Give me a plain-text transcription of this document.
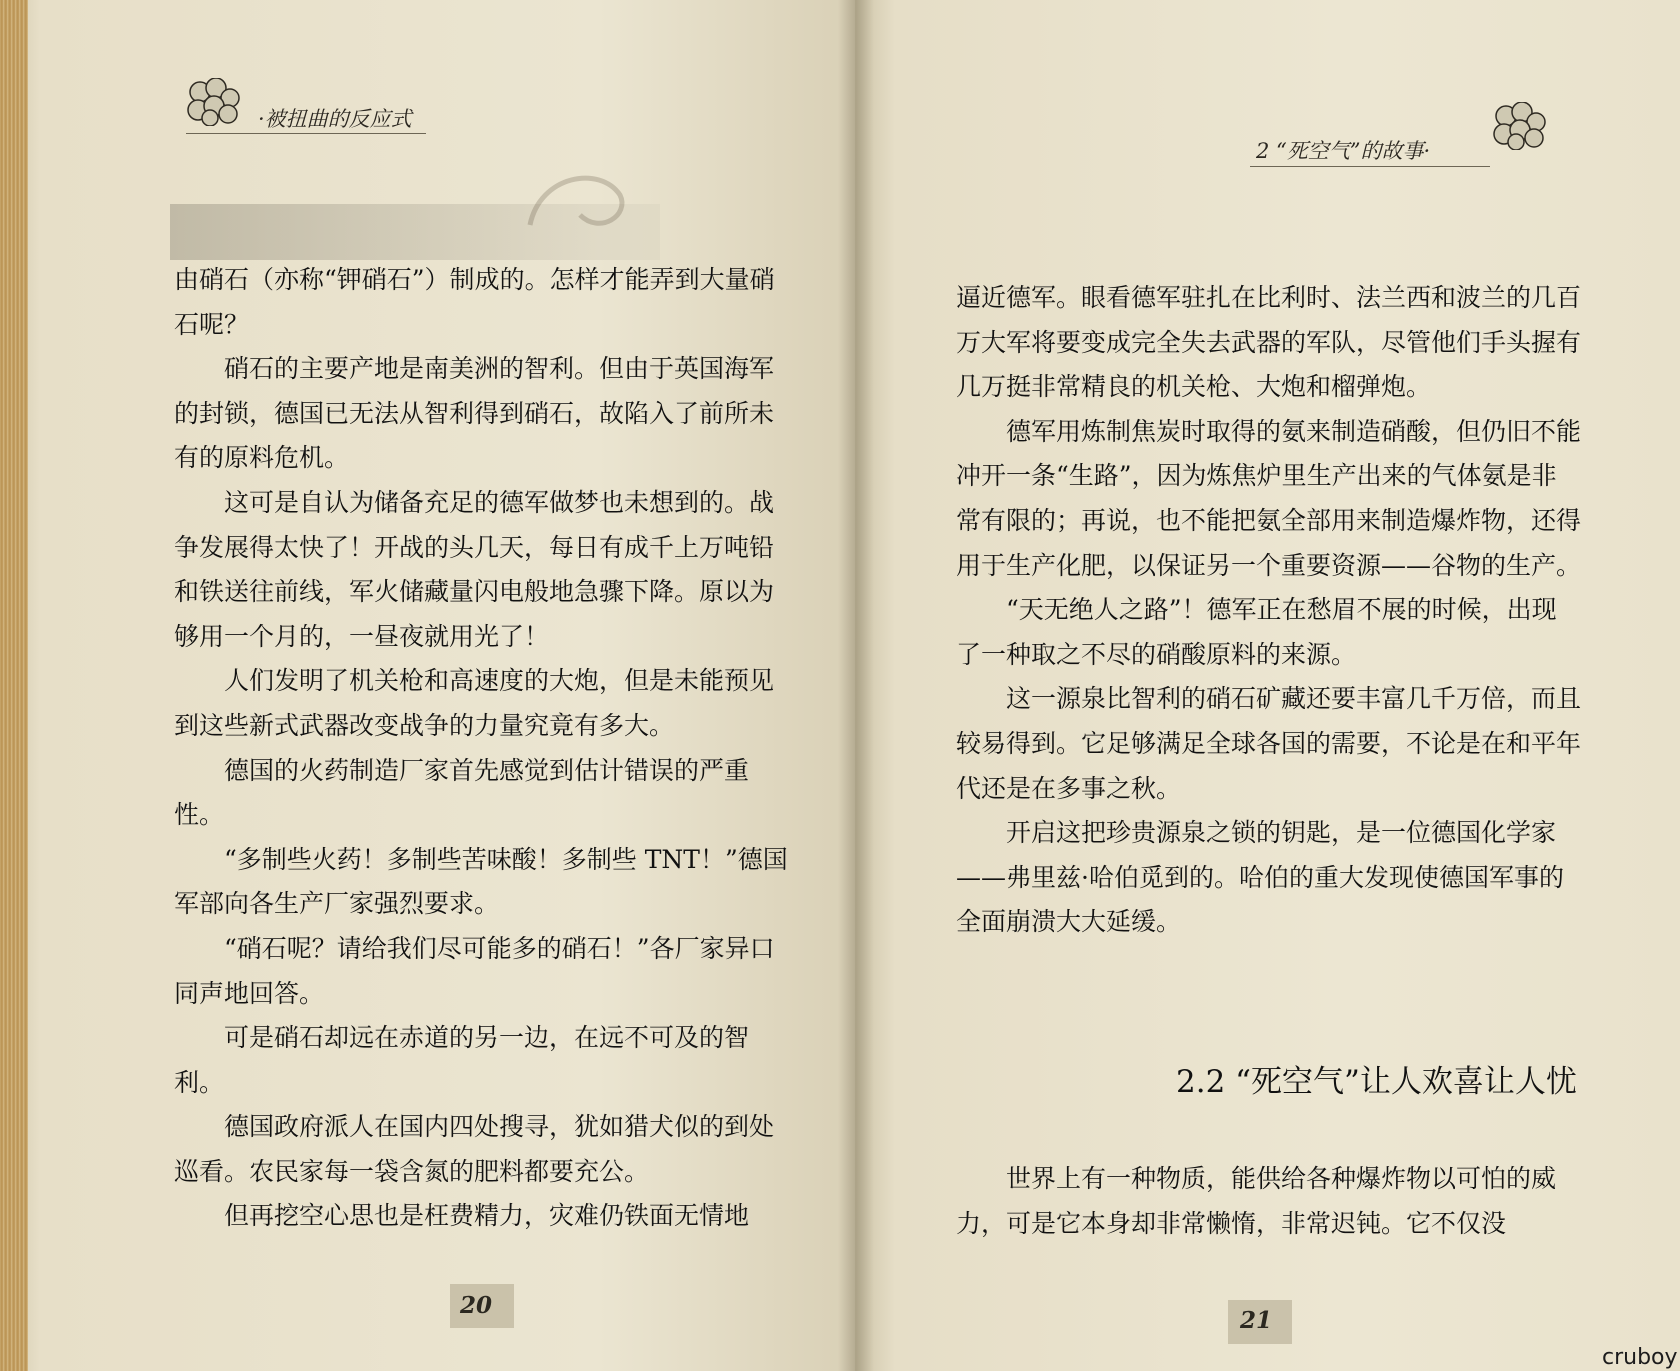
·被扭曲的反应式
2 “死空气”的故事·

由硝石（亦称“钾硝石”）制成的。怎样才能弄到大量硝石呢？

硝石的主要产地是南美洲的智利。但由于英国海军的封锁，德国已无法从智利得到硝石，故陷入了前所未有的原料危机。

这可是自认为储备充足的德军做梦也未想到的。战争发展得太快了！开战的头几天，每日有成千上万吨铅和铁送往前线，军火储藏量闪电般地急骤下降。原以为够用一个月的，一昼夜就用光了！

人们发明了机关枪和高速度的大炮，但是未能预见到这些新式武器改变战争的力量究竟有多大。

德国的火药制造厂家首先感觉到估计错误的严重性。

“多制些火药！多制些苦味酸！多制些 TNT！”德国军部向各生产厂家强烈要求。

“硝石呢？请给我们尽可能多的硝石！”各厂家异口同声地回答。

可是硝石却远在赤道的另一边，在远不可及的智利。

德国政府派人在国内四处搜寻，犹如猎犬似的到处巡看。农民家每一袋含氮的肥料都要充公。

但再挖空心思也是枉费精力，灾难仍铁面无情地

逼近德军。眼看德军驻扎在比利时、法兰西和波兰的几百万大军将要变成完全失去武器的军队，尽管他们手头握有几万挺非常精良的机关枪、大炮和榴弹炮。

德军用炼制焦炭时取得的氨来制造硝酸，但仍旧不能冲开一条“生路”，因为炼焦炉里生产出来的气体氨是非常有限的；再说，也不能把氨全部用来制造爆炸物，还得用于生产化肥，以保证另一个重要资源——谷物的生产。

“天无绝人之路”！德军正在愁眉不展的时候，出现了一种取之不尽的硝酸原料的来源。

这一源泉比智利的硝石矿藏还要丰富几千万倍，而且较易得到。它足够满足全球各国的需要，不论是在和平年代还是在多事之秋。

开启这把珍贵源泉之锁的钥匙，是一位德国化学家——弗里兹·哈伯觅到的。哈伯的重大发现使德国军事的全面崩溃大大延缓。

2.2 “死空气”让人欢喜让人忧

世界上有一种物质，能供给各种爆炸物以可怕的威力，可是它本身却非常懒惰，非常迟钝。它不仅没

20
21
cruboy
